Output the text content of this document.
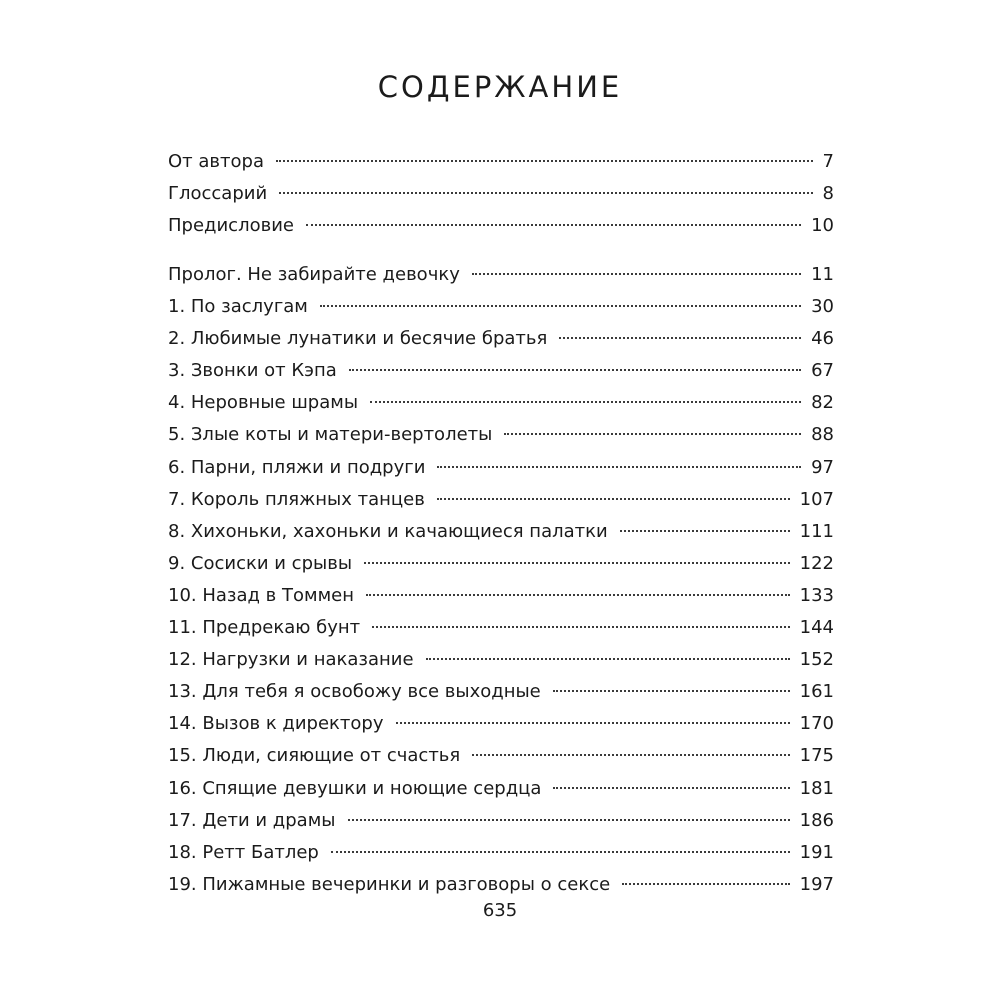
СОДЕРЖАНИЕ
От автора	7
Глоссарий	8
Предисловие	10
Пролог. Не забирайте девочку	11
1. По заслугам	30
2. Любимые лунатики и бесячие братья	46
3. Звонки от Кэпа	67
4. Неровные шрамы	82
5. Злые коты и матери-вертолеты	88
6. Парни, пляжи и подруги	97
7. Король пляжных танцев	107
8. Хихоньки, хахоньки и качающиеся палатки	111
9. Сосиски и срывы	122
10. Назад в Томмен	133
11. Предрекаю бунт	144
12. Нагрузки и наказание	152
13. Для тебя я освобожу все выходные	161
14. Вызов к директору	170
15. Люди, сияющие от счастья	175
16. Спящие девушки и ноющие сердца	181
17. Дети и драмы	186
18. Ретт Батлер	191
19. Пижамные вечеринки и разговоры о сексе	197
635
